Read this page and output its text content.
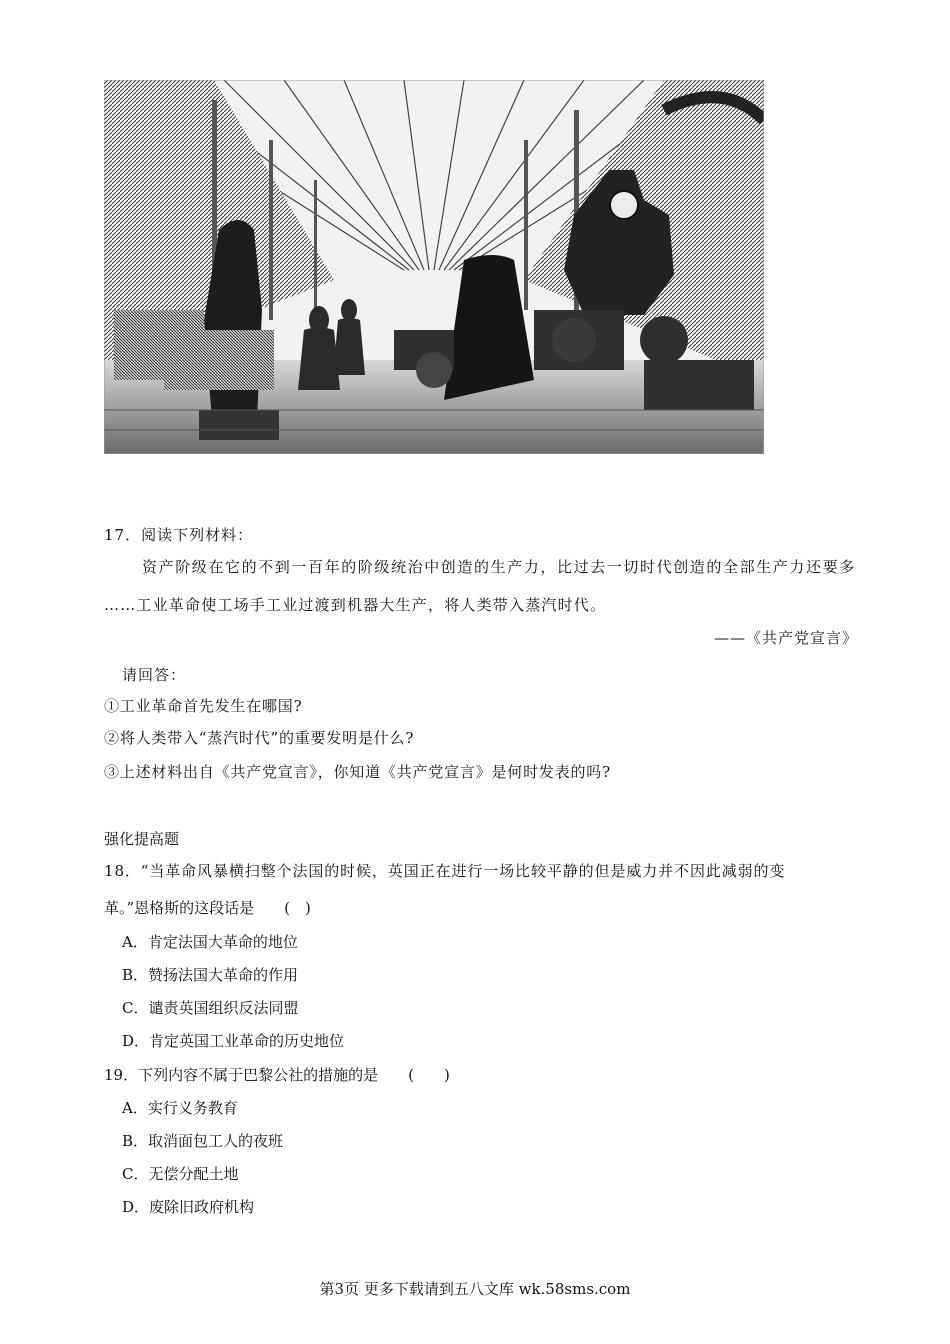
17．阅读下列材料：
资产阶级在它的不到一百年的阶级统治中创造的生产力，比过去一切时代创造的全部生产力还要多
……工业革命使工场手工业过渡到机器大生产，将人类带入蒸汽时代。
——《共产党宣言》
请回答：
①工业革命首先发生在哪国?
②将人类带入“蒸汽时代”的重要发明是什么?
③上述材料出自《共产党宣言》，你知道《共产党宣言》是何时发表的吗?
强化提高题
18．“当革命风暴横扫整个法国的时候，英国正在进行一场比较平静的但是威力并不因此减弱的变
革。”恩格斯的这段话是　　(　)
A．肯定法国大革命的地位
B．赞扬法国大革命的作用
C．谴责英国组织反法同盟
D．肯定英国工业革命的历史地位
19．下列内容不属于巴黎公社的措施的是　　(　　)
A．实行义务教育
B．取消面包工人的夜班
C．无偿分配土地
D．废除旧政府机构
第3页 更多下载请到五八文库 wk.58sms.com
